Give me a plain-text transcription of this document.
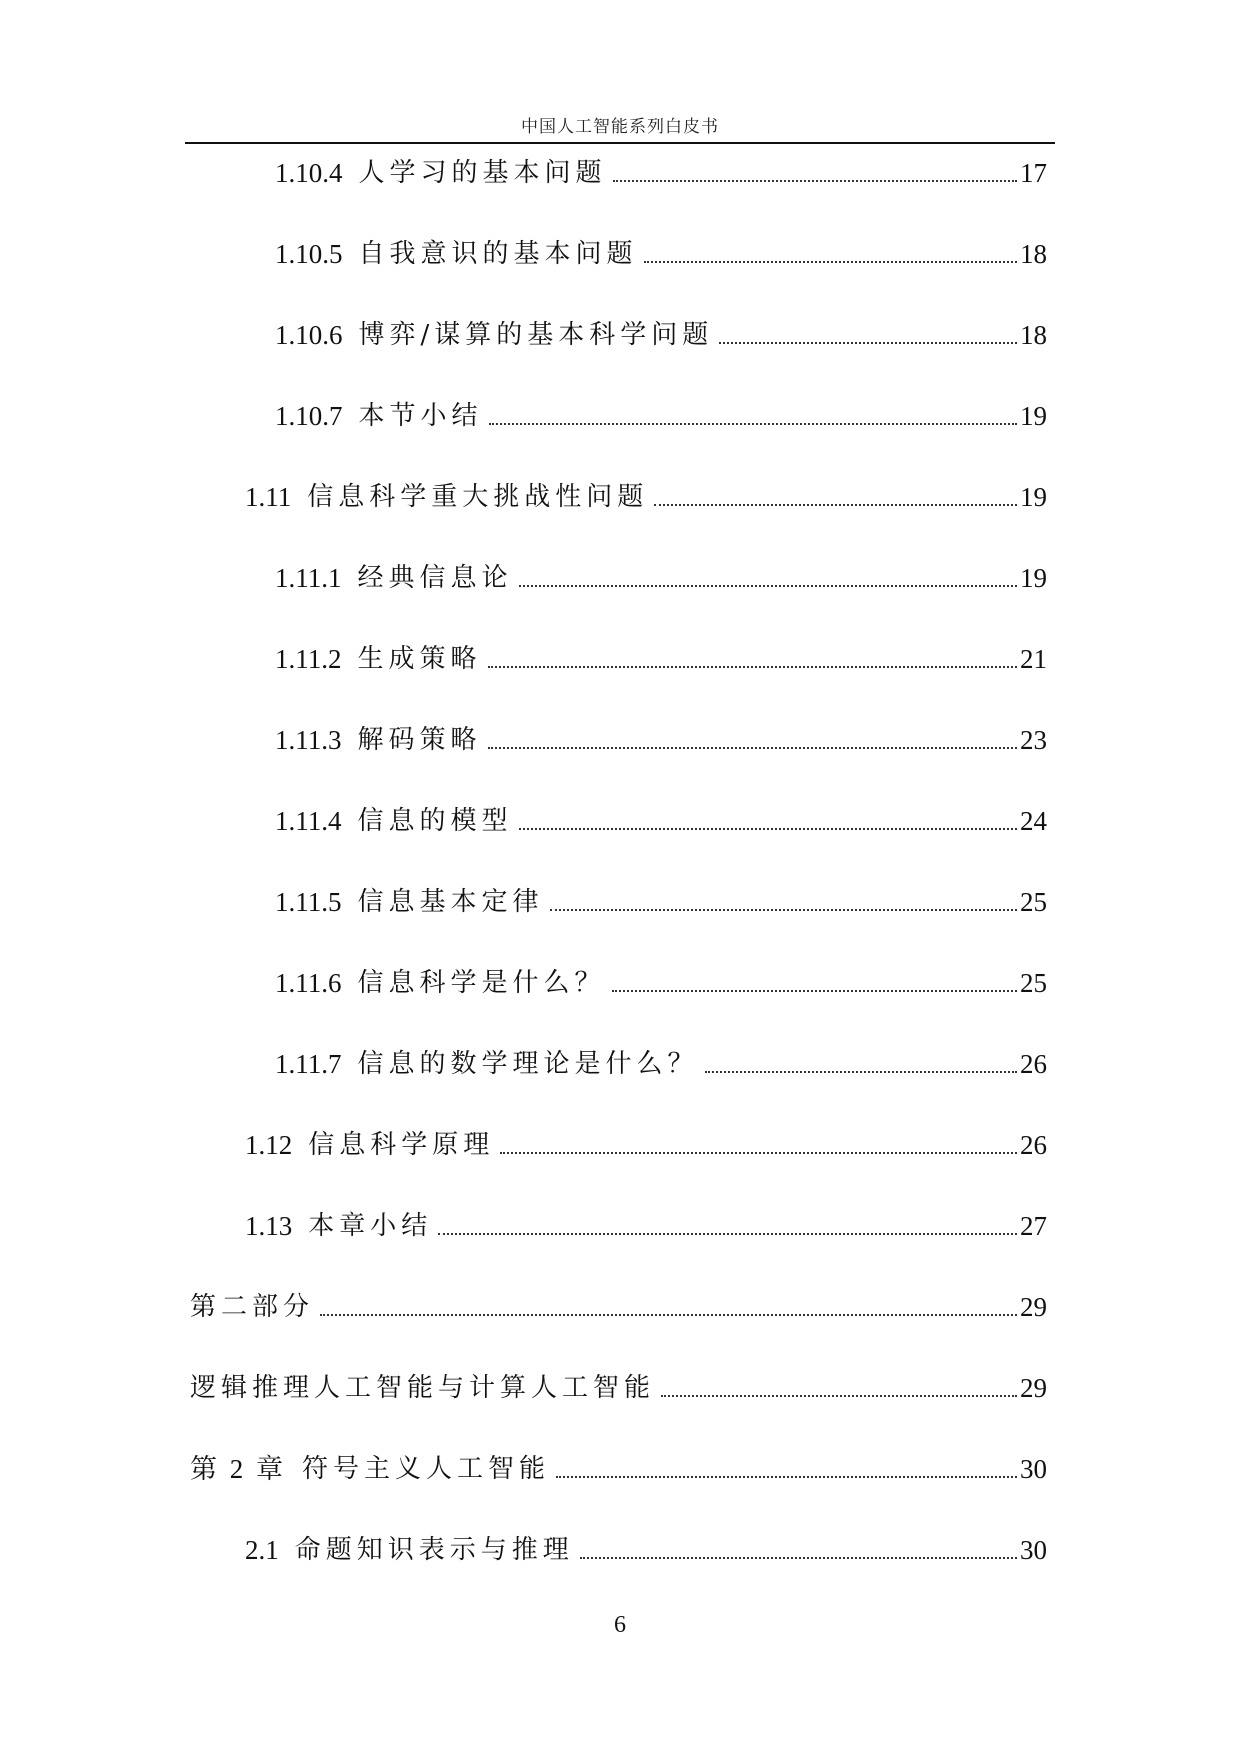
中国人工智能系列白皮书
1.10.4 人学习的基本问题	17
1.10.5 自我意识的基本问题	18
1.10.6 博弈/谋算的基本科学问题	18
1.10.7 本节小结	19
1.11 信息科学重大挑战性问题	19
1.11.1 经典信息论	19
1.11.2 生成策略	21
1.11.3 解码策略	23
1.11.4 信息的模型	24
1.11.5 信息基本定律	25
1.11.6 信息科学是什么？	25
1.11.7 信息的数学理论是什么？	26
1.12 信息科学原理	26
1.13 本章小结	27
第二部分	29
逻辑推理人工智能与计算人工智能	29
第 2 章 符号主义人工智能	30
2.1 命题知识表示与推理	30
6
